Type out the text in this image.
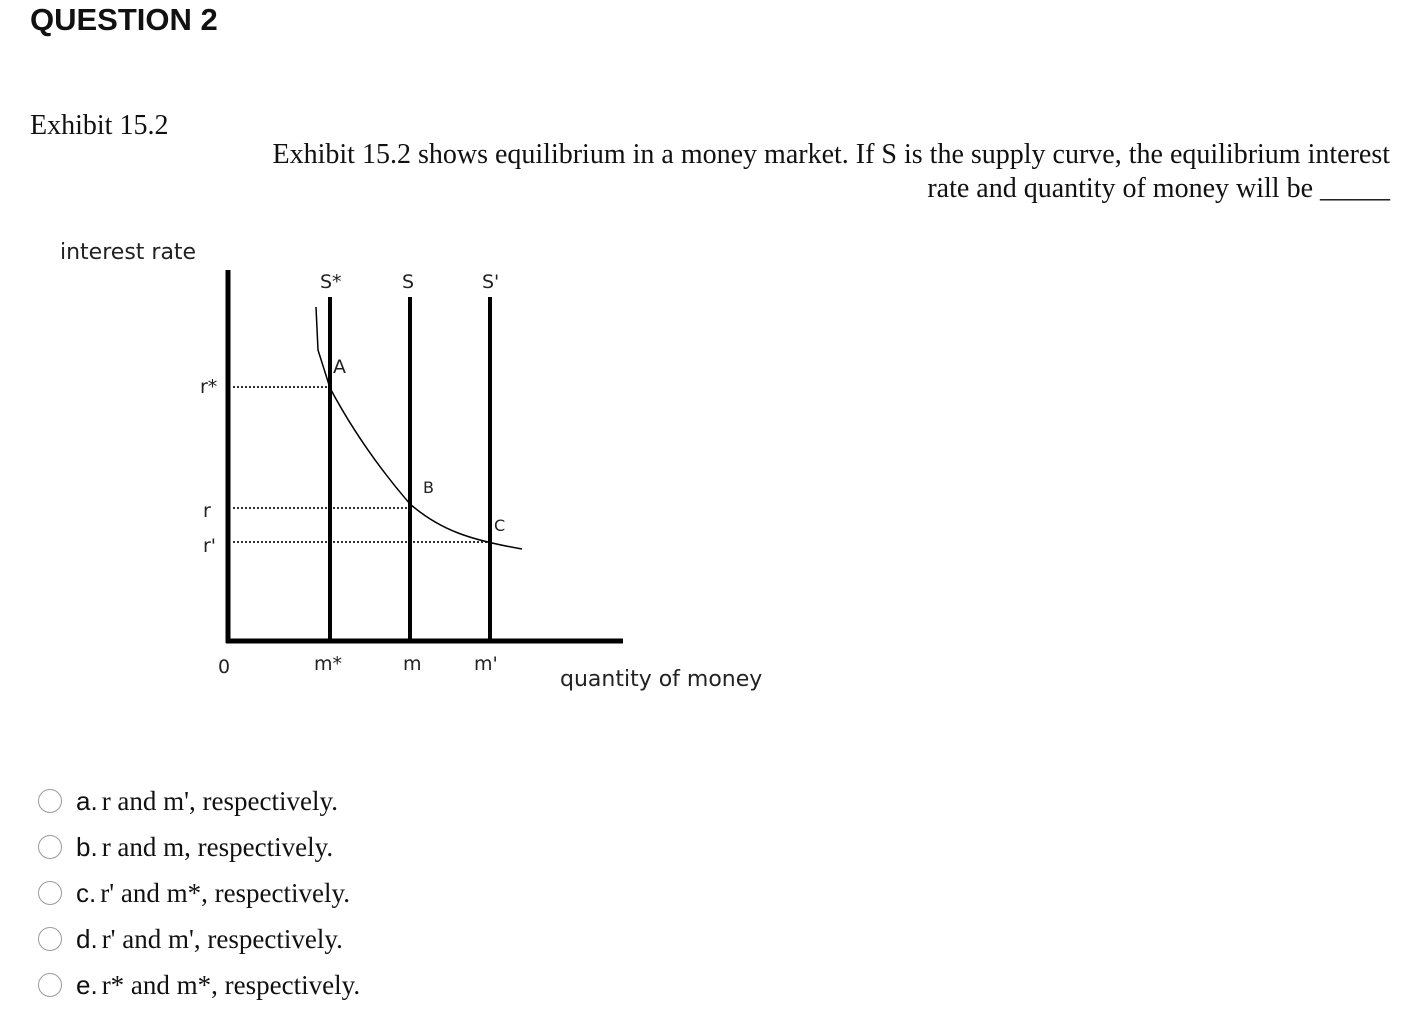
QUESTION 2
Exhibit 15.2
Exhibit 15.2 shows equilibrium in a money market. If S is the supply curve, the equilibrium interest
rate and quantity of money will be _____
interest rate
quantity of money
0
r*
r
r'
m*	m	m'
S*	S	S'
A
B
C
a. r and m', respectively.
b. r and m, respectively.
c. r' and m*, respectively.
d. r' and m', respectively.
e. r* and m*, respectively.
